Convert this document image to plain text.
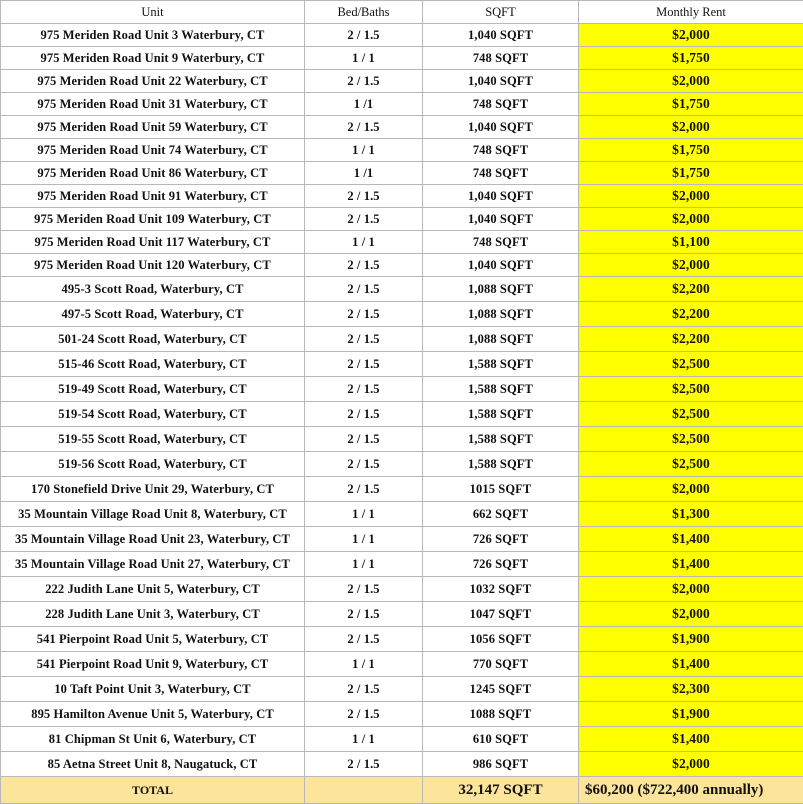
Unit	Bed/Baths	SQFT	Monthly Rent
975 Meriden Road Unit 3 Waterbury, CT	2 / 1.5	1,040 SQFT	$2,000
975 Meriden Road Unit 9 Waterbury, CT	1 / 1	748 SQFT	$1,750
975 Meriden Road Unit 22 Waterbury, CT	2 / 1.5	1,040 SQFT	$2,000
975 Meriden Road Unit 31 Waterbury, CT	1 /1	748 SQFT	$1,750
975 Meriden Road Unit 59 Waterbury, CT	2 / 1.5	1,040 SQFT	$2,000
975 Meriden Road Unit 74 Waterbury, CT	1 / 1	748 SQFT	$1,750
975 Meriden Road Unit 86 Waterbury, CT	1 /1	748 SQFT	$1,750
975 Meriden Road Unit 91 Waterbury, CT	2 / 1.5	1,040 SQFT	$2,000
975 Meriden Road Unit 109 Waterbury, CT	2 / 1.5	1,040 SQFT	$2,000
975 Meriden Road Unit 117 Waterbury, CT	1 / 1	748 SQFT	$1,100
975 Meriden Road Unit 120 Waterbury, CT	2 / 1.5	1,040 SQFT	$2,000
495-3 Scott Road, Waterbury, CT	2 / 1.5	1,088 SQFT	$2,200
497-5 Scott Road, Waterbury, CT	2 / 1.5	1,088 SQFT	$2,200
501-24 Scott Road, Waterbury, CT	2 / 1.5	1,088 SQFT	$2,200
515-46 Scott Road, Waterbury, CT	2 / 1.5	1,588 SQFT	$2,500
519-49 Scott Road, Waterbury, CT	2 / 1.5	1,588 SQFT	$2,500
519-54 Scott Road, Waterbury, CT	2 / 1.5	1,588 SQFT	$2,500
519-55 Scott Road, Waterbury, CT	2 / 1.5	1,588 SQFT	$2,500
519-56 Scott Road, Waterbury, CT	2 / 1.5	1,588 SQFT	$2,500
170 Stonefield Drive Unit 29, Waterbury, CT	2 / 1.5	1015 SQFT	$2,000
35 Mountain Village Road Unit 8, Waterbury, CT	1 / 1	662 SQFT	$1,300
35 Mountain Village Road Unit 23, Waterbury, CT	1 / 1	726 SQFT	$1,400
35 Mountain Village Road Unit 27, Waterbury, CT	1 / 1	726 SQFT	$1,400
222 Judith Lane Unit 5, Waterbury, CT	2 / 1.5	1032 SQFT	$2,000
228 Judith Lane Unit 3, Waterbury, CT	2 / 1.5	1047 SQFT	$2,000
541 Pierpoint Road Unit 5, Waterbury, CT	2 / 1.5	1056 SQFT	$1,900
541 Pierpoint Road Unit 9, Waterbury, CT	1 / 1	770 SQFT	$1,400
10 Taft Point Unit 3, Waterbury, CT	2 / 1.5	1245 SQFT	$2,300
895 Hamilton Avenue Unit 5, Waterbury, CT	2 / 1.5	1088 SQFT	$1,900
81 Chipman St Unit 6, Waterbury, CT	1 / 1	610 SQFT	$1,400
85 Aetna Street Unit 8, Naugatuck, CT	2 / 1.5	986 SQFT	$2,000
TOTAL		32,147 SQFT	$60,200 ($722,400 annually)
